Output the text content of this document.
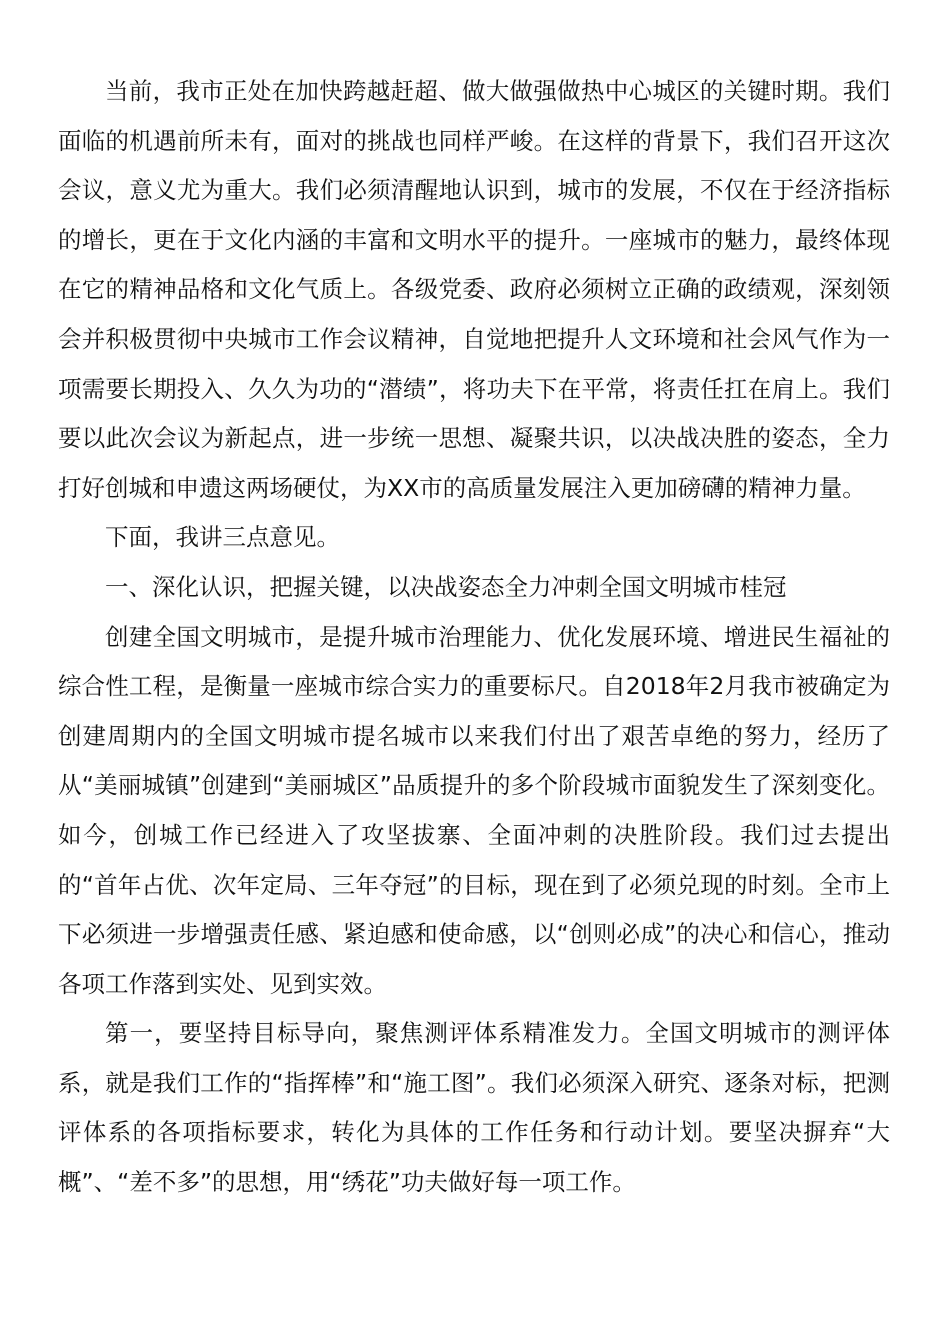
当前，我市正处在加快跨越赶超、做大做强做热中心城区的关键时期。我们面临的机遇前所未有，面对的挑战也同样严峻。在这样的背景下，我们召开这次会议，意义尤为重大。我们必须清醒地认识到，城市的发展，不仅在于经济指标的增长，更在于文化内涵的丰富和文明水平的提升。一座城市的魅力，最终体现在它的精神品格和文化气质上。各级党委、政府必须树立正确的政绩观，深刻领会并积极贯彻中央城市工作会议精神，自觉地把提升人文环境和社会风气作为一项需要长期投入、久久为功的“潜绩”，将功夫下在平常，将责任扛在肩上。我们要以此次会议为新起点，进一步统一思想、凝聚共识，以决战决胜的姿态，全力打好创城和申遗这两场硬仗，为XX市的高质量发展注入更加磅礴的精神力量。

下面，我讲三点意见。

一、深化认识，把握关键，以决战姿态全力冲刺全国文明城市桂冠

创建全国文明城市，是提升城市治理能力、优化发展环境、增进民生福祉的综合性工程，是衡量一座城市综合实力的重要标尺。自2018年2月我市被确定为创建周期内的全国文明城市提名城市以来我们付出了艰苦卓绝的努力，经历了从“美丽城镇”创建到“美丽城区”品质提升的多个阶段城市面貌发生了深刻变化。如今，创城工作已经进入了攻坚拔寨、全面冲刺的决胜阶段。我们过去提出的“首年占优、次年定局、三年夺冠”的目标，现在到了必须兑现的时刻。全市上下必须进一步增强责任感、紧迫感和使命感，以“创则必成”的决心和信心，推动各项工作落到实处、见到实效。

第一，要坚持目标导向，聚焦测评体系精准发力。全国文明城市的测评体系，就是我们工作的“指挥棒”和“施工图”。我们必须深入研究、逐条对标，把测评体系的各项指标要求，转化为具体的工作任务和行动计划。要坚决摒弃“大概”、“差不多”的思想，用“绣花”功夫做好每一项工作。
